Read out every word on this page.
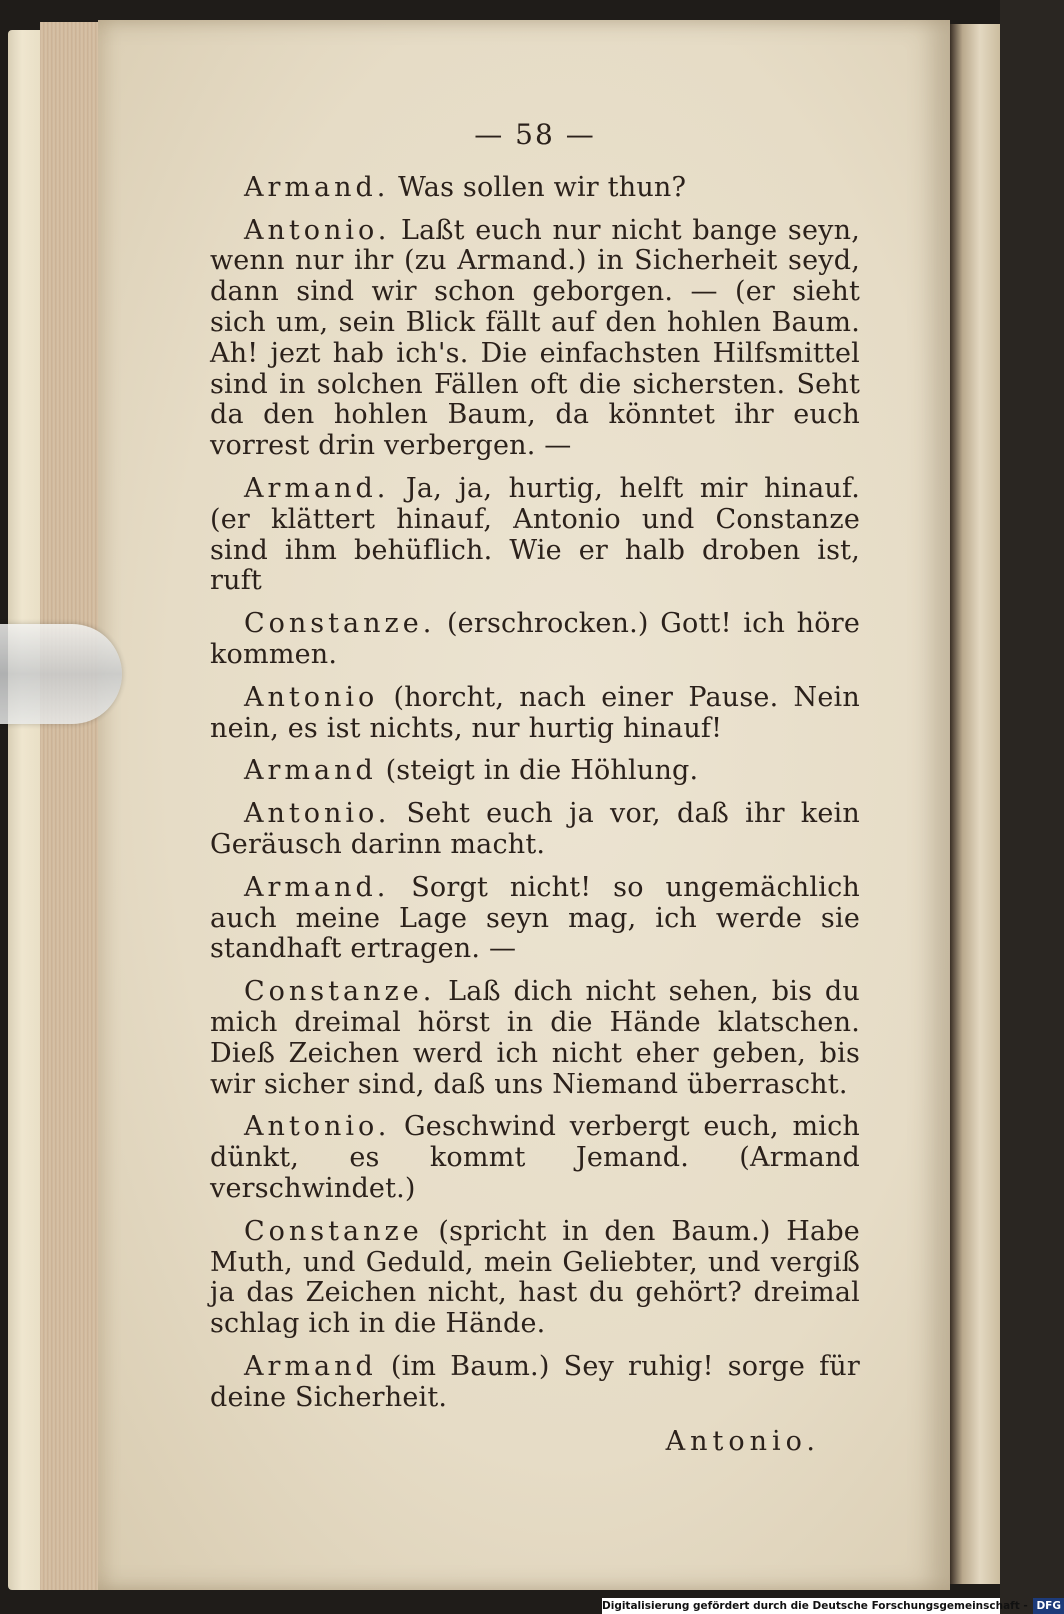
— 58 —

Armand. Was sollen wir thun?

Antonio. Laßt euch nur nicht bange seyn, wenn nur ihr (zu Armand.) in Sicherheit seyd, dann sind wir schon geborgen. — (er sieht sich um, sein Blick fällt auf den hohlen Baum. Ah! jezt hab ich's. Die einfachsten Hilfsmittel sind in solchen Fällen oft die sichersten. Seht da den hohlen Baum, da könntet ihr euch vorrest drin verbergen. —

Armand. Ja, ja, hurtig, helft mir hinauf. (er klättert hinauf, Antonio und Constanze sind ihm behüflich. Wie er halb droben ist, ruft

Constanze. (erschrocken.) Gott! ich höre kommen.

Antonio (horcht, nach einer Pause. Nein nein, es ist nichts, nur hurtig hinauf!

Armand (steigt in die Höhlung.

Antonio. Seht euch ja vor, daß ihr kein Geräusch darinn macht.

Armand. Sorgt nicht! so ungemächlich auch meine Lage seyn mag, ich werde sie standhaft ertragen. —

Constanze. Laß dich nicht sehen, bis du mich dreimal hörst in die Hände klatschen. Dieß Zeichen werd ich nicht eher geben, bis wir sicher sind, daß uns Niemand überrascht.

Antonio. Geschwind verbergt euch, mich dünkt, es kommt Jemand. (Armand verschwindet.)

Constanze (spricht in den Baum.) Habe Muth, und Geduld, mein Geliebter, und vergiß ja das Zeichen nicht, hast du gehört? dreimal schlag ich in die Hände.

Armand (im Baum.) Sey ruhig! sorge für deine Sicherheit.

Antonio.
Digitalisierung gefördert durch die Deutsche Forschungsgemeinschaft - DFG
